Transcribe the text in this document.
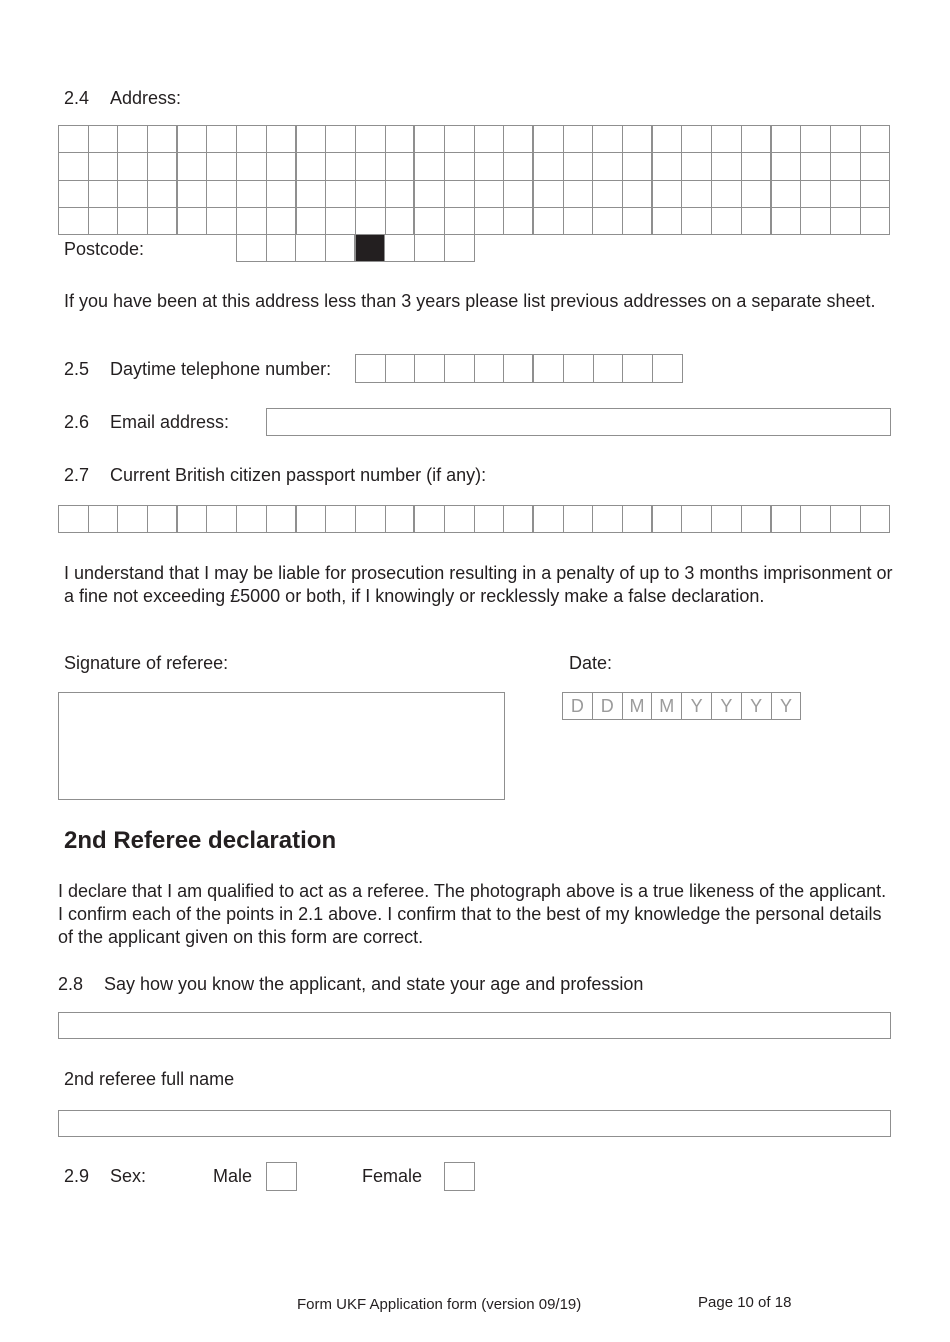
2.4 Address:
Postcode:
If you have been at this address less than 3 years please list previous addresses on a separate sheet.
2.5 Daytime telephone number:
2.6 Email address:
2.7 Current British citizen passport number (if any):
I understand that I may be liable for prosecution resulting in a penalty of up to 3 months imprisonment or a fine not exceeding £5000 or both, if I knowingly or recklessly make a false declaration.
Signature of referee:	Date:
D D M M Y Y Y Y
2nd Referee declaration
I declare that I am qualified to act as a referee. The photograph above is a true likeness of the applicant. I confirm each of the points in 2.1 above. I confirm that to the best of my knowledge the personal details of the applicant given on this form are correct.
2.8 Say how you know the applicant, and state your age and profession
2nd referee full name
2.9 Sex:	Male	Female
Form UKF Application form (version 09/19)	Page 10 of 18
